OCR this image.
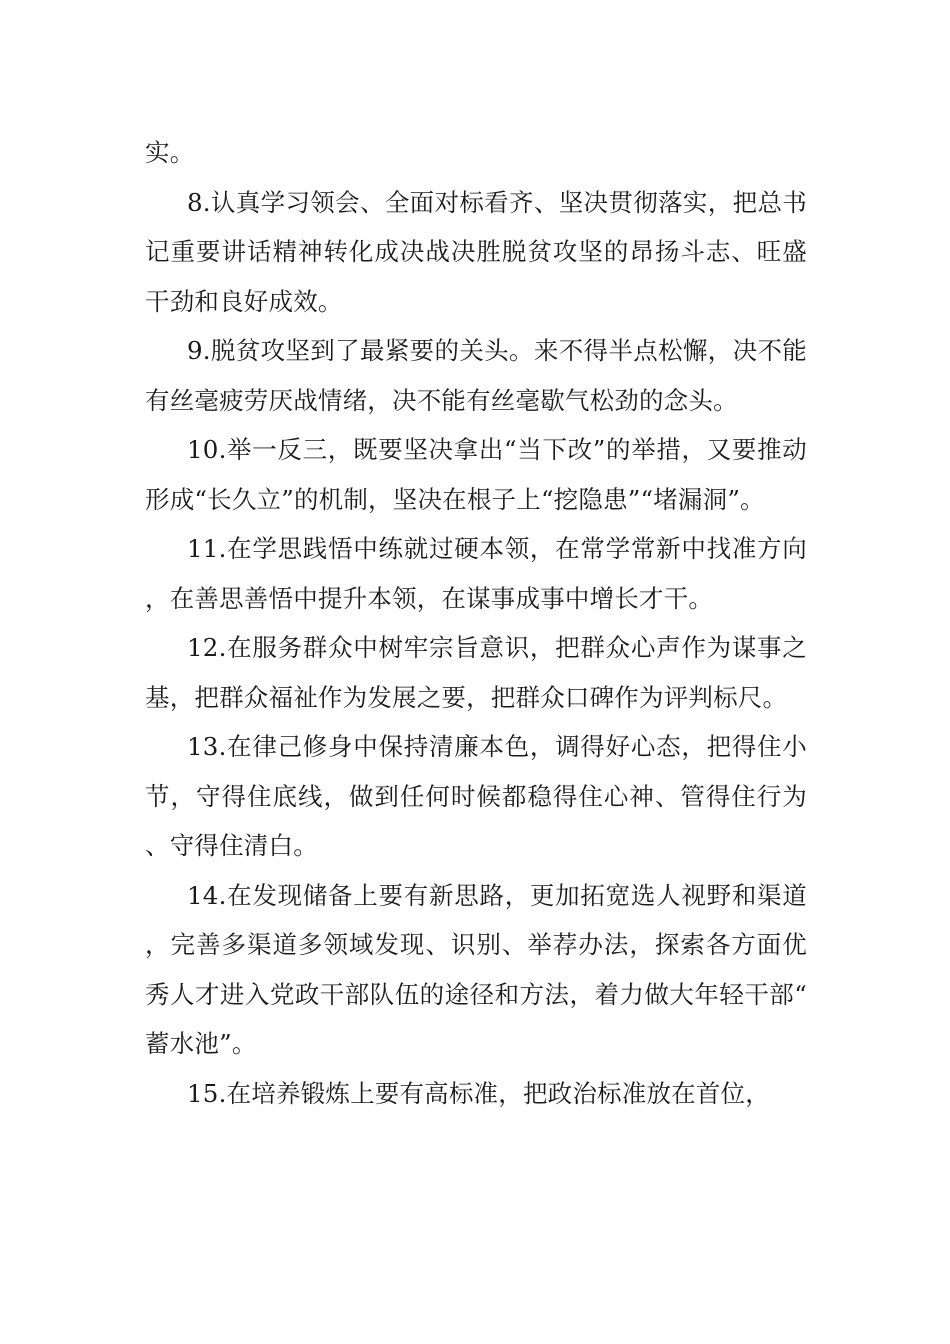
实。

8.认真学习领会、全面对标看齐、坚决贯彻落实，把总书记重要讲话精神转化成决战决胜脱贫攻坚的昂扬斗志、旺盛干劲和良好成效。

9.脱贫攻坚到了最紧要的关头。来不得半点松懈，决不能有丝毫疲劳厌战情绪，决不能有丝毫歇气松劲的念头。

10.举一反三，既要坚决拿出“当下改”的举措，又要推动形成“长久立”的机制，坚决在根子上“挖隐患”“堵漏洞”。

11.在学思践悟中练就过硬本领，在常学常新中找准方向，在善思善悟中提升本领，在谋事成事中增长才干。

12.在服务群众中树牢宗旨意识，把群众心声作为谋事之基，把群众福祉作为发展之要，把群众口碑作为评判标尺。

13.在律己修身中保持清廉本色，调得好心态，把得住小节，守得住底线，做到任何时候都稳得住心神、管得住行为、守得住清白。

14.在发现储备上要有新思路，更加拓宽选人视野和渠道，完善多渠道多领域发现、识别、举荐办法，探索各方面优秀人才进入党政干部队伍的途径和方法，着力做大年轻干部“蓄水池”。

15.在培养锻炼上要有高标准，把政治标准放在首位，
